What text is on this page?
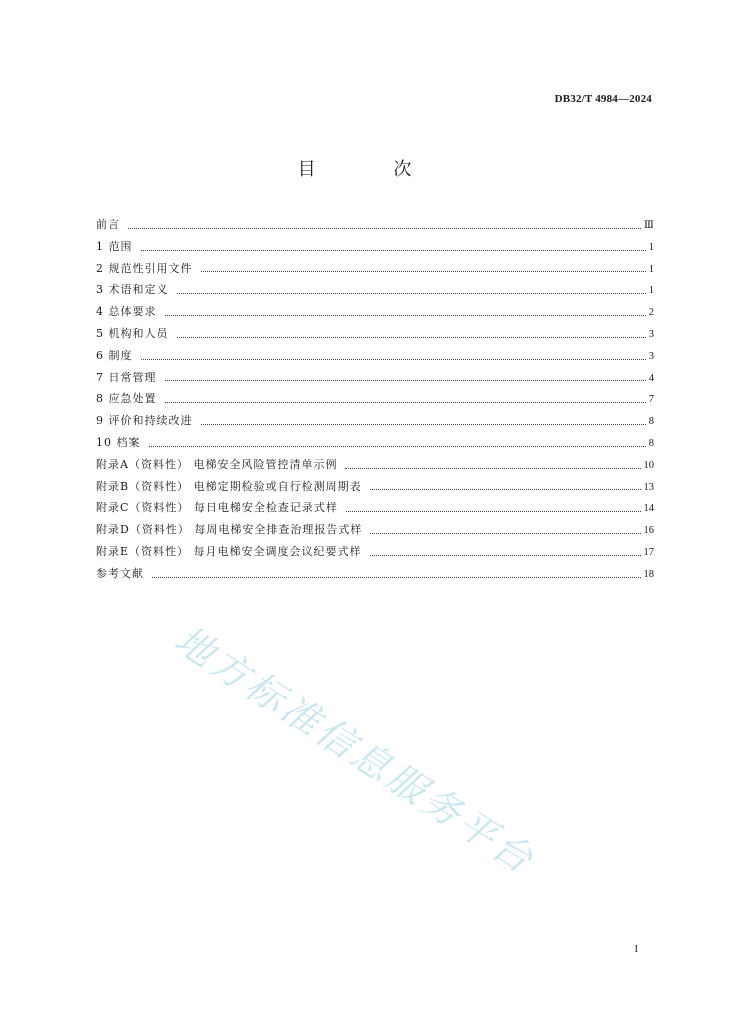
DB32/T 4984—2024
目 次
前言	Ⅲ
1 范围	1
2 规范性引用文件	1
3 术语和定义	1
4 总体要求	2
5 机构和人员	3
6 制度	3
7 日常管理	4
8 应急处置	7
9 评价和持续改进	8
10 档案	8
附录A（资料性） 电梯安全风险管控清单示例	10
附录B（资料性） 电梯定期检验或自行检测周期表	13
附录C（资料性） 每日电梯安全检查记录式样	14
附录D（资料性） 每周电梯安全排查治理报告式样	16
附录E（资料性） 每月电梯安全调度会议纪要式样	17
参考文献	18
地方标准信息服务平台
I
